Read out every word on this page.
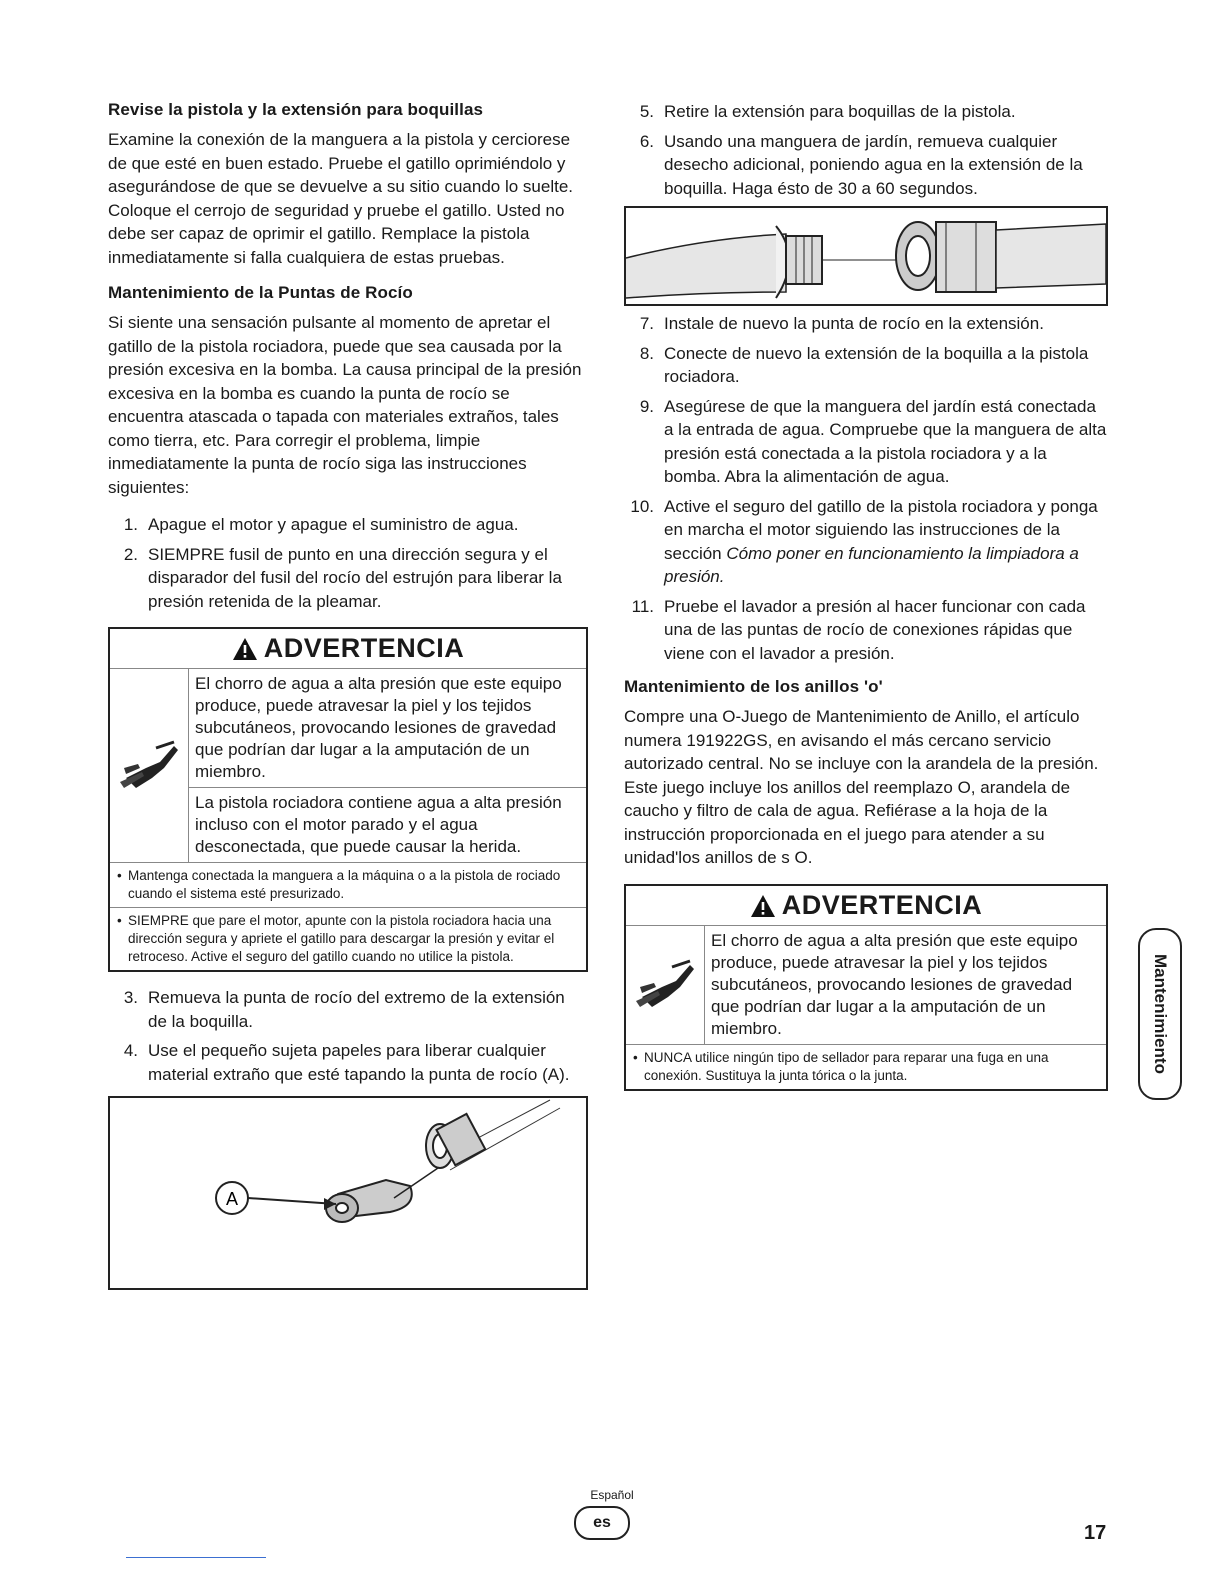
Revise la pistola y la extensión para boquillas

Examine la conexión de la manguera a la pistola y cerciorese de que esté en buen estado. Pruebe el gatillo oprimiéndolo y asegurándose de que se devuelve a su sitio cuando lo suelte. Coloque el cerrojo de seguridad y pruebe el gatillo. Usted no debe ser capaz de oprimir el gatillo. Remplace la pistola inmediatamente si falla cualquiera de estas pruebas.

Mantenimiento de la Puntas de Rocío

Si siente una sensación pulsante al momento de apretar el gatillo de la pistola rociadora, puede que sea causada por la presión excesiva en la bomba. La causa principal de la presión excesiva en la bomba es cuando la punta de rocío se encuentra atascada o tapada con materiales extraños, tales como tierra, etc. Para corregir el problema, limpie inmediatamente la punta de rocío siga las instrucciones siguientes:

1. Apague el motor y apague el suministro de agua.
2. SIEMPRE fusil de punto en una dirección segura y el disparador del fusil del rocío del estrujón para liberar la presión retenida de la pleamar.
ADVERTENCIA
El chorro de agua a alta presión que este equipo produce, puede atravesar la piel y los tejidos subcutáneos, provocando lesiones de gravedad que podrían dar lugar a la amputación de un miembro.
La pistola rociadora contiene agua a alta presión incluso con el motor parado y el agua desconectada, que puede causar la herida.
• Mantenga conectada la manguera a la máquina o a la pistola de rociado cuando el sistema esté presurizado.
• SIEMPRE que pare el motor, apunte con la pistola rociadora hacia una dirección segura y apriete el gatillo para descargar la presión y evitar el retroceso. Active el seguro del gatillo cuando no utilice la pistola.
3. Remueva la punta de rocío del extremo de la extensión de la boquilla.
4. Use el pequeño sujeta papeles para liberar cualquier material extraño que esté tapando la punta de rocío (A).
A
5. Retire la extensión para boquillas de la pistola.
6. Usando una manguera de jardín, remueva cualquier desecho adicional, poniendo agua en la extensión de la boquilla. Haga ésto de 30 a 60 segundos.
7. Instale de nuevo la punta de rocío en la extensión.
8. Conecte de nuevo la extensión de la boquilla a la pistola rociadora.
9. Asegúrese de que la manguera del jardín está conectada a la entrada de agua. Compruebe que la manguera de alta presión está conectada a la pistola rociadora y a la bomba. Abra la alimentación de agua.
10. Active el seguro del gatillo de la pistola rociadora y ponga en marcha el motor siguiendo las instrucciones de la sección Cómo poner en funcionamiento la limpiadora a presión.
11. Pruebe el lavador a presión al hacer funcionar con cada una de las puntas de rocío de conexiones rápidas que viene con el lavador a presión.
Mantenimiento de los anillos 'o'

Compre una O-Juego de Mantenimiento de Anillo, el artículo numera 191922GS, en avisando el más cercano servicio autorizado central. No se incluye con la arandela de la presión. Este juego incluye los anillos del reemplazo O, arandela de caucho y filtro de cala de agua. Refiérase a la hoja de la instrucción proporcionada en el juego para atender a su unidad'los anillos de s O.

ADVERTENCIA
El chorro de agua a alta presión que este equipo produce, puede atravesar la piel y los tejidos subcutáneos, provocando lesiones de gravedad que podrían dar lugar a la amputación de un miembro.
• NUNCA utilice ningún tipo de sellador para reparar una fuga en una conexión. Sustituya la junta tórica o la junta.
Mantenimiento
Español
es	17
